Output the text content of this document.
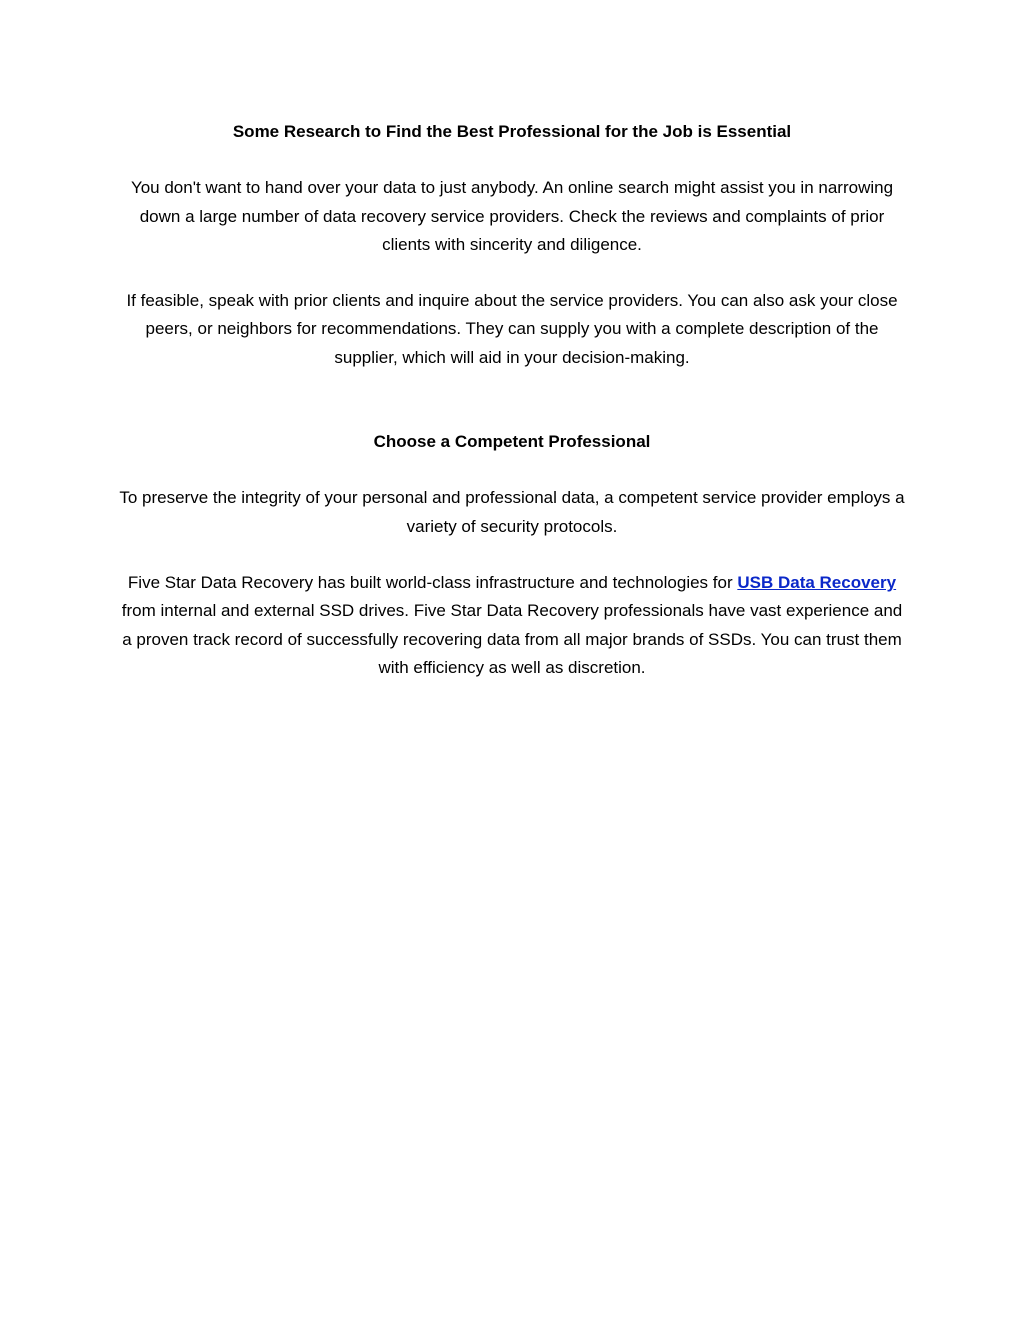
Some Research to Find the Best Professional for the Job is Essential

You don't want to hand over your data to just anybody. An online search might assist you in narrowing down a large number of data recovery service providers. Check the reviews and complaints of prior clients with sincerity and diligence.

If feasible, speak with prior clients and inquire about the service providers. You can also ask your close peers, or neighbors for recommendations. They can supply you with a complete description of the supplier, which will aid in your decision-making.

Choose a Competent Professional

To preserve the integrity of your personal and professional data, a competent service provider employs a variety of security protocols.

Five Star Data Recovery has built world-class infrastructure and technologies for USB Data Recovery from internal and external SSD drives. Five Star Data Recovery professionals have vast experience and a proven track record of successfully recovering data from all major brands of SSDs. You can trust them with efficiency as well as discretion.
